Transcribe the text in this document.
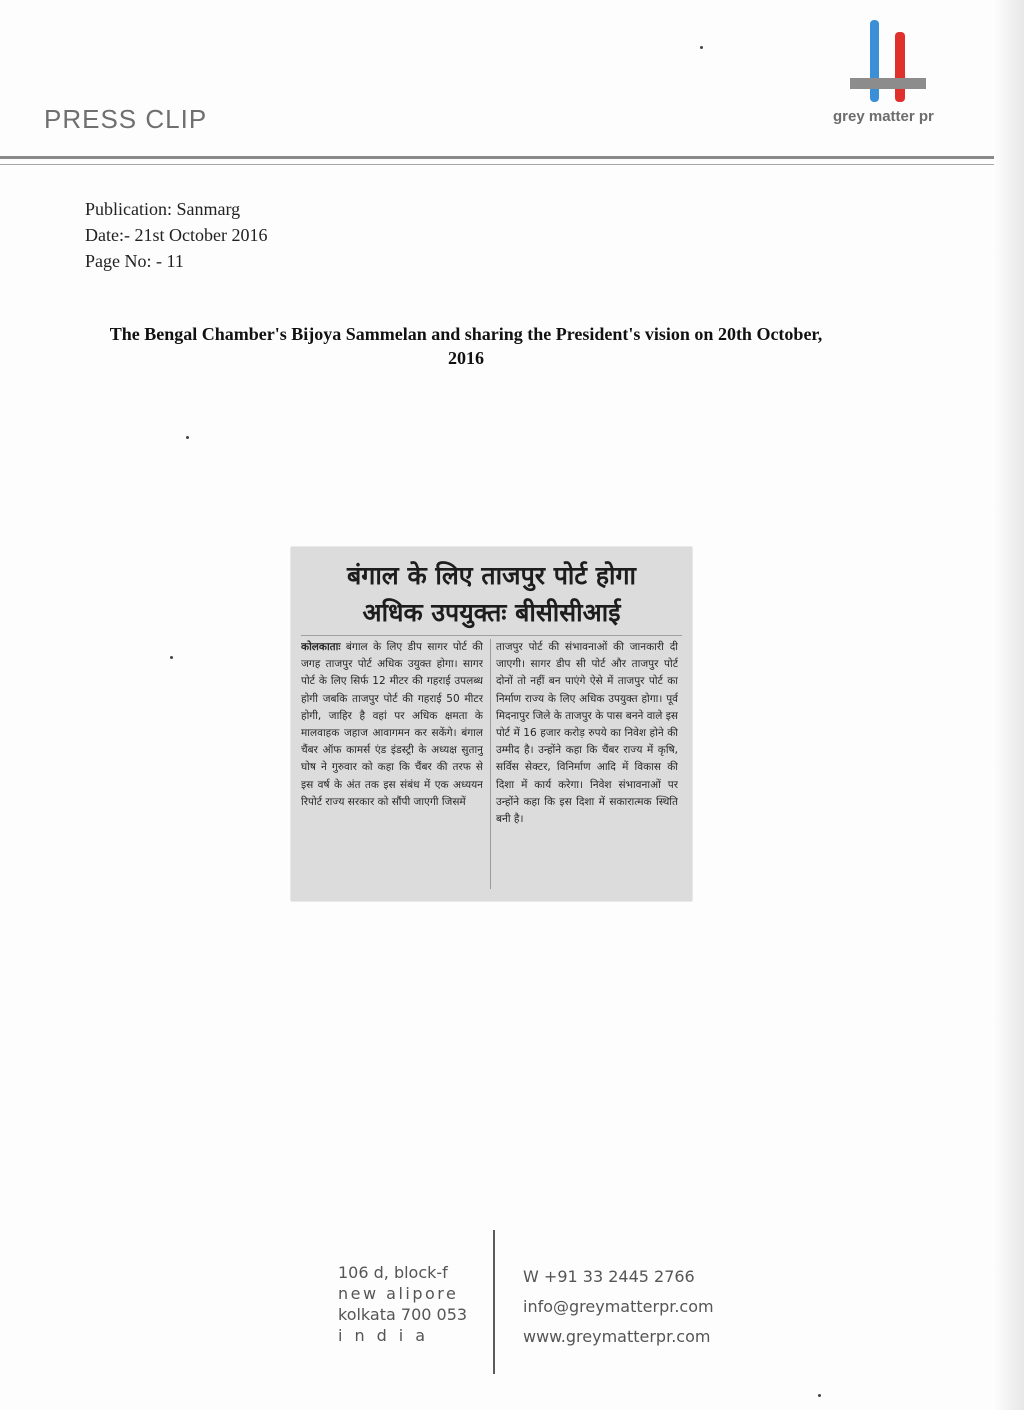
PRESS CLIP	grey matter pr
Publication: Sanmarg
Date:- 21st October 2016
Page No: - 11
The Bengal Chamber's Bijoya Sammelan and sharing the President's vision on 20th October, 2016
बंगाल के लिए ताजपुर पोर्ट होगा
अधिक उपयुक्तः बीसीसीआई
कोलकाताः बंगाल के लिए डीप सागर पोर्ट की जगह ताजपुर पोर्ट अधिक उयुक्त होगा। सागर पोर्ट के लिए सिर्फ 12 मीटर की गहराई उपलब्ध होगी जबकि ताजपुर पोर्ट की गहराई 50 मीटर होगी, जाहिर है वहां पर अधिक क्षमता के मालवाहक जहाज आवागमन कर सकेंगे। बंगाल चैंबर ऑफ कामर्स एंड इंडस्ट्री के अध्यक्ष सुतानु घोष ने गुरुवार को कहा कि चैंबर की तरफ से इस वर्ष के अंत तक इस संबंध में एक अध्ययन रिपोर्ट राज्य सरकार को सौंपी जाएगी जिसमें
ताजपुर पोर्ट की संभावनाओं की जानकारी दी जाएगी। सागर डीप सी पोर्ट और ताजपुर पोर्ट दोनों तो नहीं बन पाएंगे ऐसे में ताजपुर पोर्ट का निर्माण राज्य के लिए अधिक उपयुक्त होगा। पूर्व मिदनापुर जिले के ताजपुर के पास बनने वाले इस पोर्ट में 16 हजार करोड़ रुपये का निवेश होने की उम्मीद है। उन्होंने कहा कि चैंबर राज्य में कृषि, सर्विस सेक्टर, विनिर्माण आदि में विकास की दिशा में कार्य करेगा। निवेश संभावनाओं पर उन्होंने कहा कि इस दिशा में सकारात्मक स्थिति बनी है।
106 d, block-f
new alipore
kolkata 700 053
india
W +91 33 2445 2766
info@greymatterpr.com
www.greymatterpr.com
